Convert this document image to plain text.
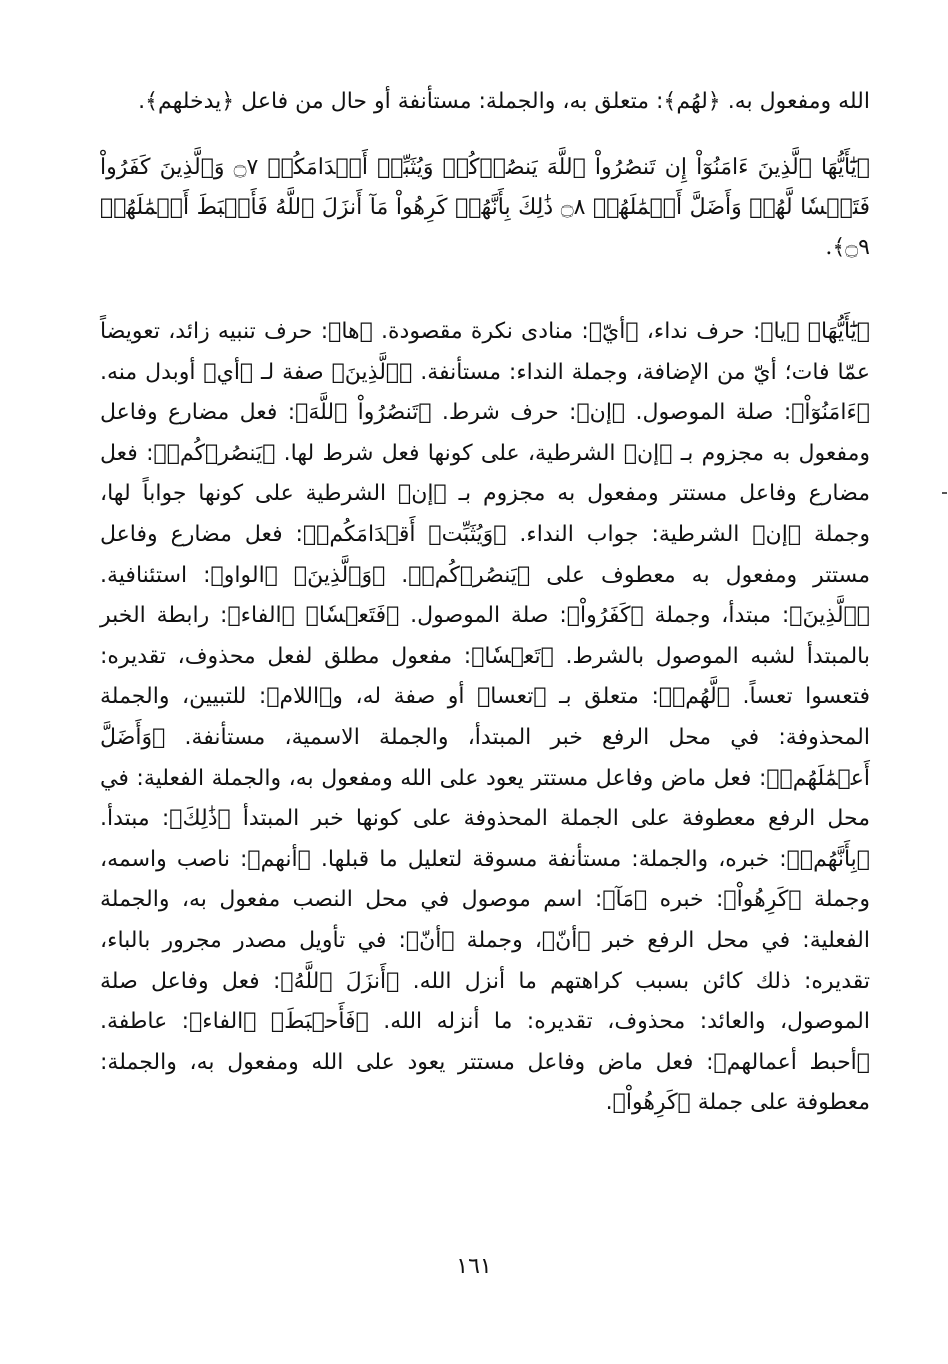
الله ومفعول به. ﴿لهُم﴾: متعلق به، والجملة: مستأنفة أو حال من فاعل ﴿يدخلهم﴾.

﴿يَٰٓأَيُّهَا ٱلَّذِينَ ءَامَنُوٓاْ إِن تَنصُرُواْ ٱللَّهَ يَنصُرۡكُمۡ وَيُثَبِّتۡ أَقۡدَامَكُمۡ ۝٧ وَٱلَّذِينَ كَفَرُواْ فَتَعۡسٗا لَّهُمۡ وَأَضَلَّ أَعۡمَٰلَهُمۡ ۝٨ ذَٰلِكَ بِأَنَّهُمۡ كَرِهُواْ مَآ أَنزَلَ ٱللَّهُ فَأَحۡبَطَ أَعۡمَٰلَهُمۡ ۝٩﴾.

﴿يَٰٓأَيُّهَا﴾ ﴿يا﴾: حرف نداء، ﴿أيّ﴾: منادى نكرة مقصودة. ﴿ها﴾: حرف تنبيه زائد، تعويضاً عمّا فات؛ أيّ من الإضافة، وجملة النداء: مستأنفة. ﴿ٱلَّذِينَ﴾ صفة لـ ﴿أي﴾ أوبدل منه. ﴿ءَامَنُوٓاْ﴾: صلة الموصول. ﴿إن﴾: حرف شرط. ﴿تَنصُرُواْ ٱللَّهَ﴾: فعل مضارع وفاعل ومفعول به مجزوم بـ ﴿إن﴾ الشرطية، على كونها فعل شرط لها. ﴿يَنصُرۡكُمۡ﴾: فعل مضارع وفاعل مستتر ومفعول به مجزوم بـ ﴿إن﴾ الشرطية على كونها جواباً لها، وجملة ﴿إن﴾ الشرطية: جواب النداء. ﴿وَيُثَبِّتۡ أَقۡدَامَكُمۡ﴾: فعل مضارع وفاعل مستتر ومفعول به معطوف على ﴿يَنصُرۡكُمۡ﴾. ﴿وَٱلَّذِينَ﴾ ﴿الواو﴾: استئنافية. ﴿ٱلَّذِينَ﴾: مبتدأ، وجملة ﴿كَفَرُواْ﴾: صلة الموصول. ﴿فَتَعۡسٗا﴾ ﴿الفاء﴾: رابطة الخبر بالمبتدأ لشبه الموصول بالشرط. ﴿تَعۡسٗا﴾: مفعول مطلق لفعل محذوف، تقديره: فتعسوا تعساً. ﴿لَّهُمۡ﴾: متعلق بـ ﴿تعسا﴾ أو صفة له، و﴿اللام﴾: للتبيين، والجملة المحذوفة: في محل الرفع خبر المبتدأ، والجملة الاسمية، مستأنفة. ﴿وَأَضَلَّ أَعۡمَٰلَهُمۡ﴾: فعل ماض وفاعل مستتر يعود على الله ومفعول به، والجملة الفعلية: في محل الرفع معطوفة على الجملة المحذوفة على كونها خبر المبتدأ ﴿ذَٰلِكَ﴾: مبتدأ. ﴿بِأَنَّهُمۡ﴾: خبره، والجملة: مستأنفة مسوقة لتعليل ما قبلها. ﴿أنهم﴾: ناصب واسمه، وجملة ﴿كَرِهُواْ﴾: خبره ﴿مَآ﴾: اسم موصول في محل النصب مفعول به، والجملة الفعلية: في محل الرفع خبر ﴿أنّ﴾، وجملة ﴿أنّ﴾: في تأويل مصدر مجرور بالباء، تقديره: ذلك كائن بسبب كراهتهم ما أنزل الله. ﴿أَنزَلَ ٱللَّهُ﴾: فعل وفاعل صلة الموصول، والعائد: محذوف، تقديره: ما أنزله الله. ﴿فَأَحۡبَطَ﴾ ﴿الفاء﴾: عاطفة. ﴿أحبط أعمالهم﴾: فعل ماض وفاعل مستتر يعود على الله ومفعول به، والجملة: معطوفة على جملة ﴿كَرِهُواْ﴾.

١٦١
